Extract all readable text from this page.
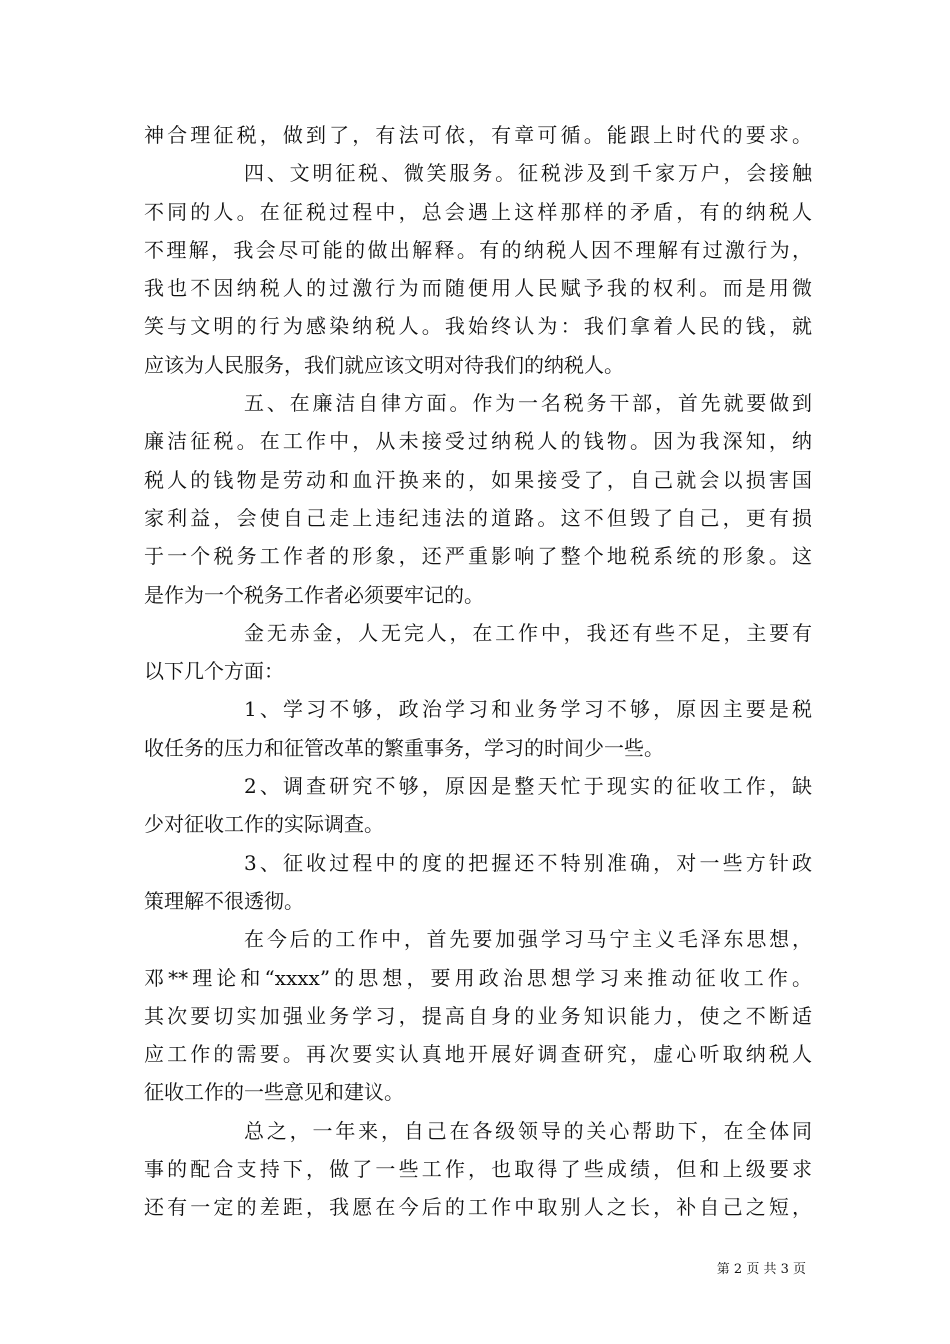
神合理征税，做到了，有法可依，有章可循。能跟上时代的要求。
四、文明征税、微笑服务。征税涉及到千家万户，会接触
不同的人。在征税过程中，总会遇上这样那样的矛盾，有的纳税人
不理解，我会尽可能的做出解释。有的纳税人因不理解有过激行为，
我也不因纳税人的过激行为而随便用人民赋予我的权利。而是用微
笑与文明的行为感染纳税人。我始终认为：我们拿着人民的钱，就
应该为人民服务，我们就应该文明对待我们的纳税人。
五、在廉洁自律方面。作为一名税务干部，首先就要做到
廉洁征税。在工作中，从未接受过纳税人的钱物。因为我深知，纳
税人的钱物是劳动和血汗换来的，如果接受了，自己就会以损害国
家利益，会使自己走上违纪违法的道路。这不但毁了自己，更有损
于一个税务工作者的形象，还严重影响了整个地税系统的形象。这
是作为一个税务工作者必须要牢记的。
金无赤金，人无完人，在工作中，我还有些不足，主要有
以下几个方面：
1、学习不够，政治学习和业务学习不够，原因主要是税
收任务的压力和征管改革的繁重事务，学习的时间少一些。
2、调查研究不够，原因是整天忙于现实的征收工作，缺
少对征收工作的实际调查。
3、征收过程中的度的把握还不特别准确，对一些方针政
策理解不很透彻。
在今后的工作中，首先要加强学习马宁主义毛泽东思想，
邓**理论和“xxxx”的思想，要用政治思想学习来推动征收工作。
其次要切实加强业务学习，提高自身的业务知识能力，使之不断适
应工作的需要。再次要实认真地开展好调查研究，虚心听取纳税人
征收工作的一些意见和建议。
总之，一年来，自己在各级领导的关心帮助下，在全体同
事的配合支持下，做了一些工作，也取得了些成绩，但和上级要求
还有一定的差距，我愿在今后的工作中取别人之长，补自己之短，
第 2 页 共 3 页
